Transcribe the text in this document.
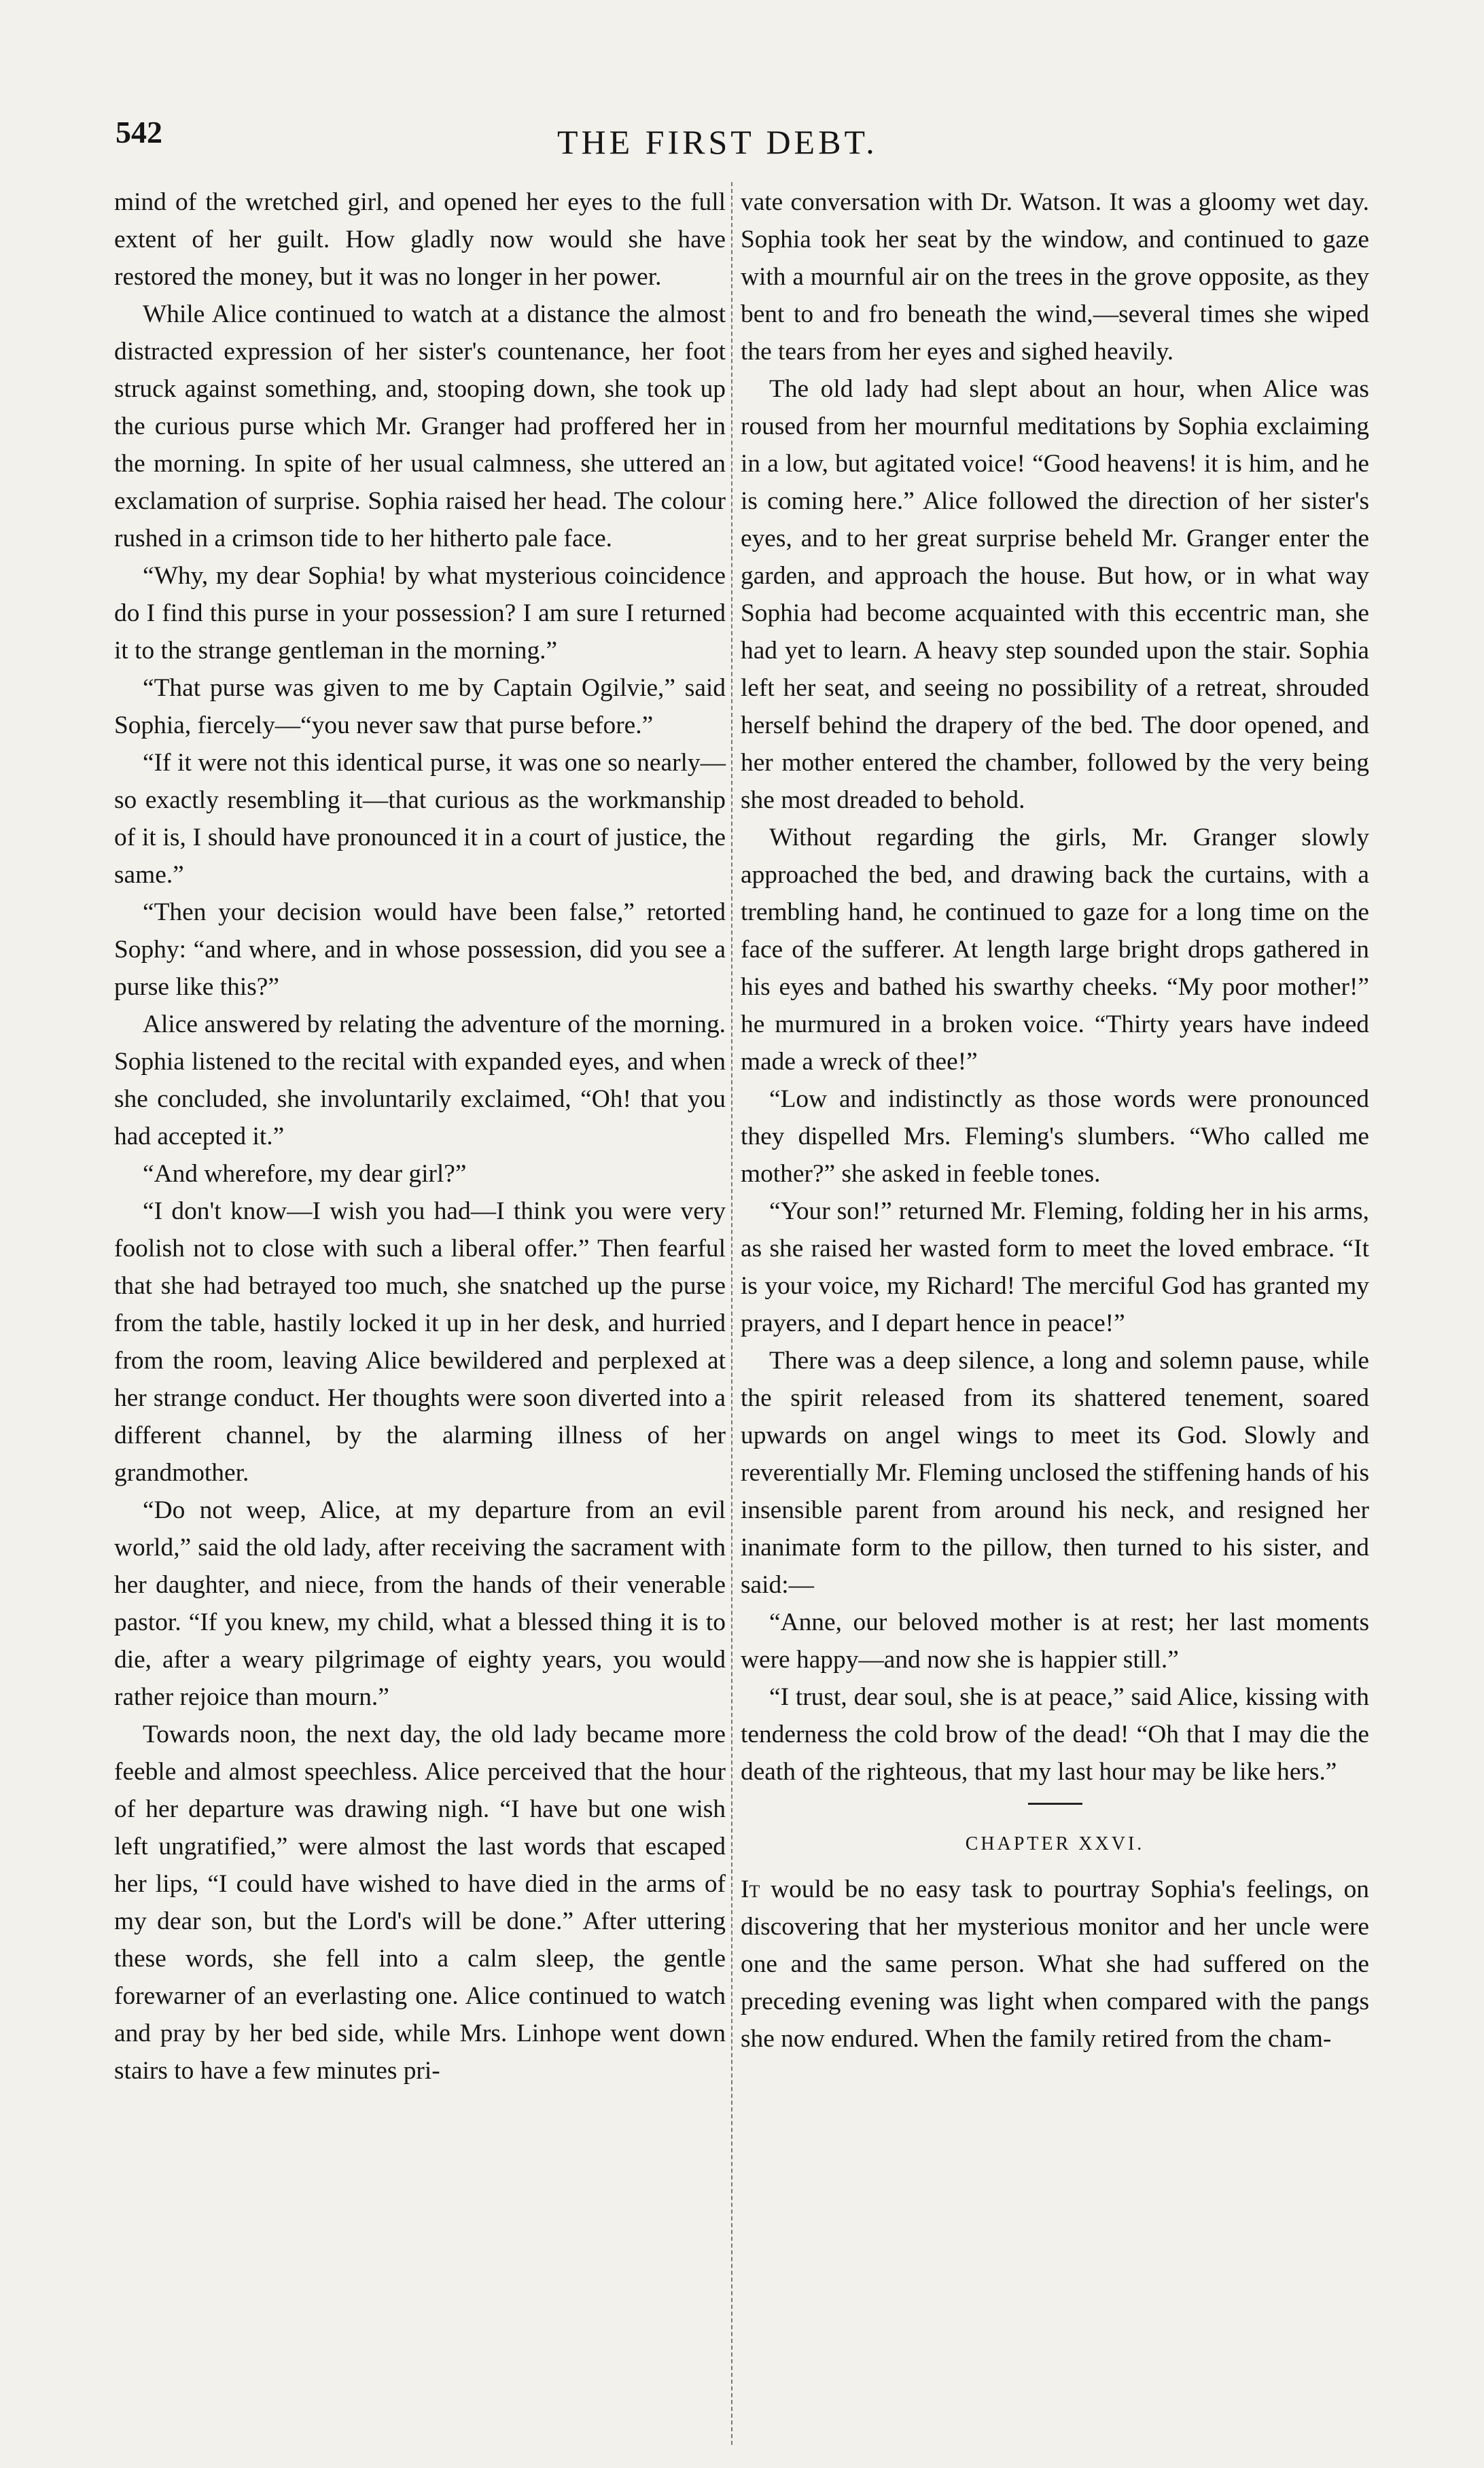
542	THE FIRST DEBT.

mind of the wretched girl, and opened her eyes to the full extent of her guilt. How gladly now would she have restored the money, but it was no longer in her power.

While Alice continued to watch at a distance the almost distracted expression of her sister's countenance, her foot struck against something, and, stooping down, she took up the curious purse which Mr. Granger had proffered her in the morning. In spite of her usual calmness, she uttered an exclamation of surprise. Sophia raised her head. The colour rushed in a crimson tide to her hitherto pale face.

“Why, my dear Sophia! by what mysterious coincidence do I find this purse in your possession? I am sure I returned it to the strange gentleman in the morning.”

“That purse was given to me by Captain Ogilvie,” said Sophia, fiercely—“you never saw that purse before.”

“If it were not this identical purse, it was one so nearly—so exactly resembling it—that curious as the workmanship of it is, I should have pronounced it in a court of justice, the same.”

“Then your decision would have been false,” retorted Sophy: “and where, and in whose possession, did you see a purse like this?”

Alice answered by relating the adventure of the morning. Sophia listened to the recital with expanded eyes, and when she concluded, she involuntarily exclaimed, “Oh! that you had accepted it.”

“And wherefore, my dear girl?”

“I don't know—I wish you had—I think you were very foolish not to close with such a liberal offer.” Then fearful that she had betrayed too much, she snatched up the purse from the table, hastily locked it up in her desk, and hurried from the room, leaving Alice bewildered and perplexed at her strange conduct. Her thoughts were soon diverted into a different channel, by the alarming illness of her grandmother.

“Do not weep, Alice, at my departure from an evil world,” said the old lady, after receiving the sacrament with her daughter, and niece, from the hands of their venerable pastor. “If you knew, my child, what a blessed thing it is to die, after a weary pilgrimage of eighty years, you would rather rejoice than mourn.”

Towards noon, the next day, the old lady became more feeble and almost speechless. Alice perceived that the hour of her departure was drawing nigh. “I have but one wish left ungratified,” were almost the last words that escaped her lips, “I could have wished to have died in the arms of my dear son, but the Lord's will be done.” After uttering these words, she fell into a calm sleep, the gentle forewarner of an everlasting one. Alice continued to watch and pray by her bed side, while Mrs. Linhope went down stairs to have a few minutes pri-

vate conversation with Dr. Watson. It was a gloomy wet day. Sophia took her seat by the window, and continued to gaze with a mournful air on the trees in the grove opposite, as they bent to and fro beneath the wind,—several times she wiped the tears from her eyes and sighed heavily.

The old lady had slept about an hour, when Alice was roused from her mournful meditations by Sophia exclaiming in a low, but agitated voice! “Good heavens! it is him, and he is coming here.” Alice followed the direction of her sister's eyes, and to her great surprise beheld Mr. Granger enter the garden, and approach the house. But how, or in what way Sophia had become acquainted with this eccentric man, she had yet to learn. A heavy step sounded upon the stair. Sophia left her seat, and seeing no possibility of a retreat, shrouded herself behind the drapery of the bed. The door opened, and her mother entered the chamber, followed by the very being she most dreaded to behold.

Without regarding the girls, Mr. Granger slowly approached the bed, and drawing back the curtains, with a trembling hand, he continued to gaze for a long time on the face of the sufferer. At length large bright drops gathered in his eyes and bathed his swarthy cheeks. “My poor mother!” he murmured in a broken voice. “Thirty years have indeed made a wreck of thee!”

“Low and indistinctly as those words were pronounced they dispelled Mrs. Fleming's slumbers. “Who called me mother?” she asked in feeble tones.

“Your son!” returned Mr. Fleming, folding her in his arms, as she raised her wasted form to meet the loved embrace. “It is your voice, my Richard! The merciful God has granted my prayers, and I depart hence in peace!”

There was a deep silence, a long and solemn pause, while the spirit released from its shattered tenement, soared upwards on angel wings to meet its God. Slowly and reverentially Mr. Fleming unclosed the stiffening hands of his insensible parent from around his neck, and resigned her inanimate form to the pillow, then turned to his sister, and said:—

“Anne, our beloved mother is at rest; her last moments were happy—and now she is happier still.”

“I trust, dear soul, she is at peace,” said Alice, kissing with tenderness the cold brow of the dead! “Oh that I may die the death of the righteous, that my last hour may be like hers.”

CHAPTER XXVI.

It would be no easy task to pourtray Sophia's feelings, on discovering that her mysterious monitor and her uncle were one and the same person. What she had suffered on the preceding evening was light when compared with the pangs she now endured. When the family retired from the cham-
